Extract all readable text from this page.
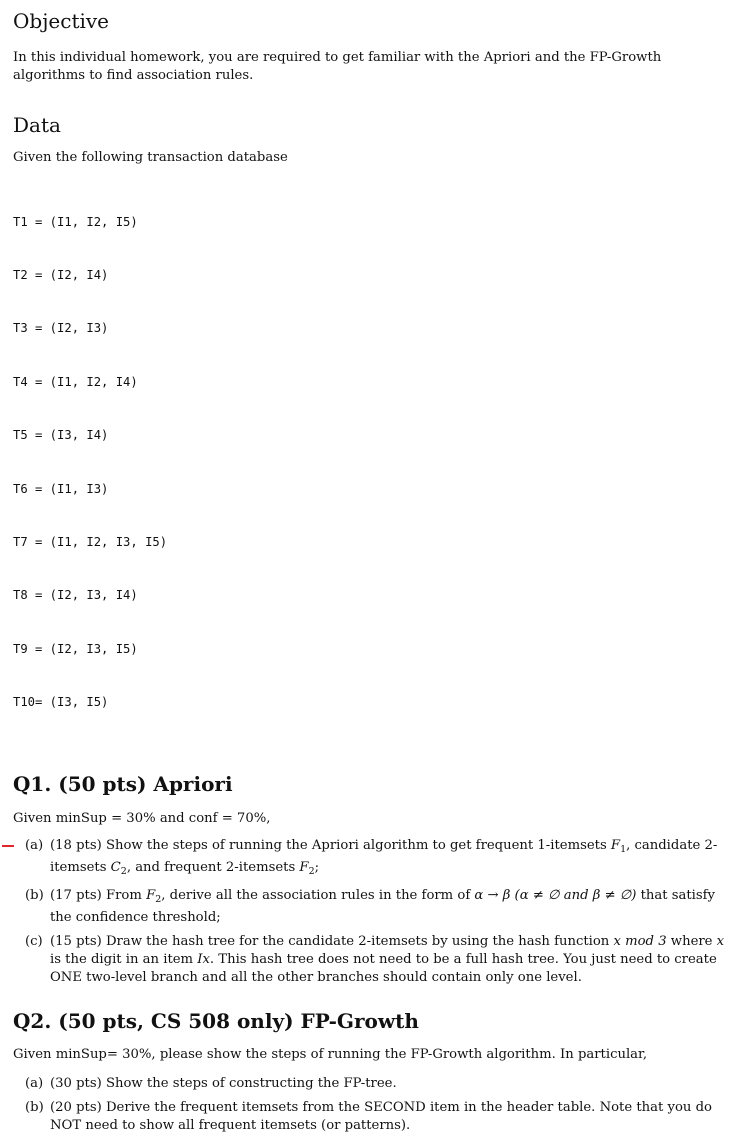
Objective

In this individual homework, you are required to get familiar with the Apriori and the FP-Growth algorithms to find association rules.

Data

Given the following transaction database

T1 = (I1, I2, I5)

T2 = (I2, I4)

T3 = (I2, I3)

T4 = (I1, I2, I4)

T5 = (I3, I4)

T6 = (I1, I3)

T7 = (I1, I2, I3, I5)

T8 = (I2, I3, I4)

T9 = (I2, I3, I5)

T10= (I3, I5)

Q1. (50 pts) Apriori

Given minSup = 30% and conf = 70%,

(a) (18 pts) Show the steps of running the Apriori algorithm to get frequent 1-itemsets $F_1$, candidate 2-itemsets $C_2$, and frequent 2-itemsets $F_2$;
(b) (17 pts) From $F_2$, derive all the association rules in the form of α → β (α ≠ ∅ and β ≠ ∅) that satisfy the confidence threshold;
(c) (15 pts) Draw the hash tree for the candidate 2-itemsets by using the hash function x mod 3 where x is the digit in an item Ix. This hash tree does not need to be a full hash tree. You just need to create ONE two-level branch and all the other branches should contain only one level.
Q2. (50 pts, CS 508 only) FP-Growth

Given minSup= 30%, please show the steps of running the FP-Growth algorithm. In particular,

(a) (30 pts) Show the steps of constructing the FP-tree.
(b) (20 pts) Derive the frequent itemsets from the SECOND item in the header table. Note that you do NOT need to show all frequent itemsets (or patterns).
